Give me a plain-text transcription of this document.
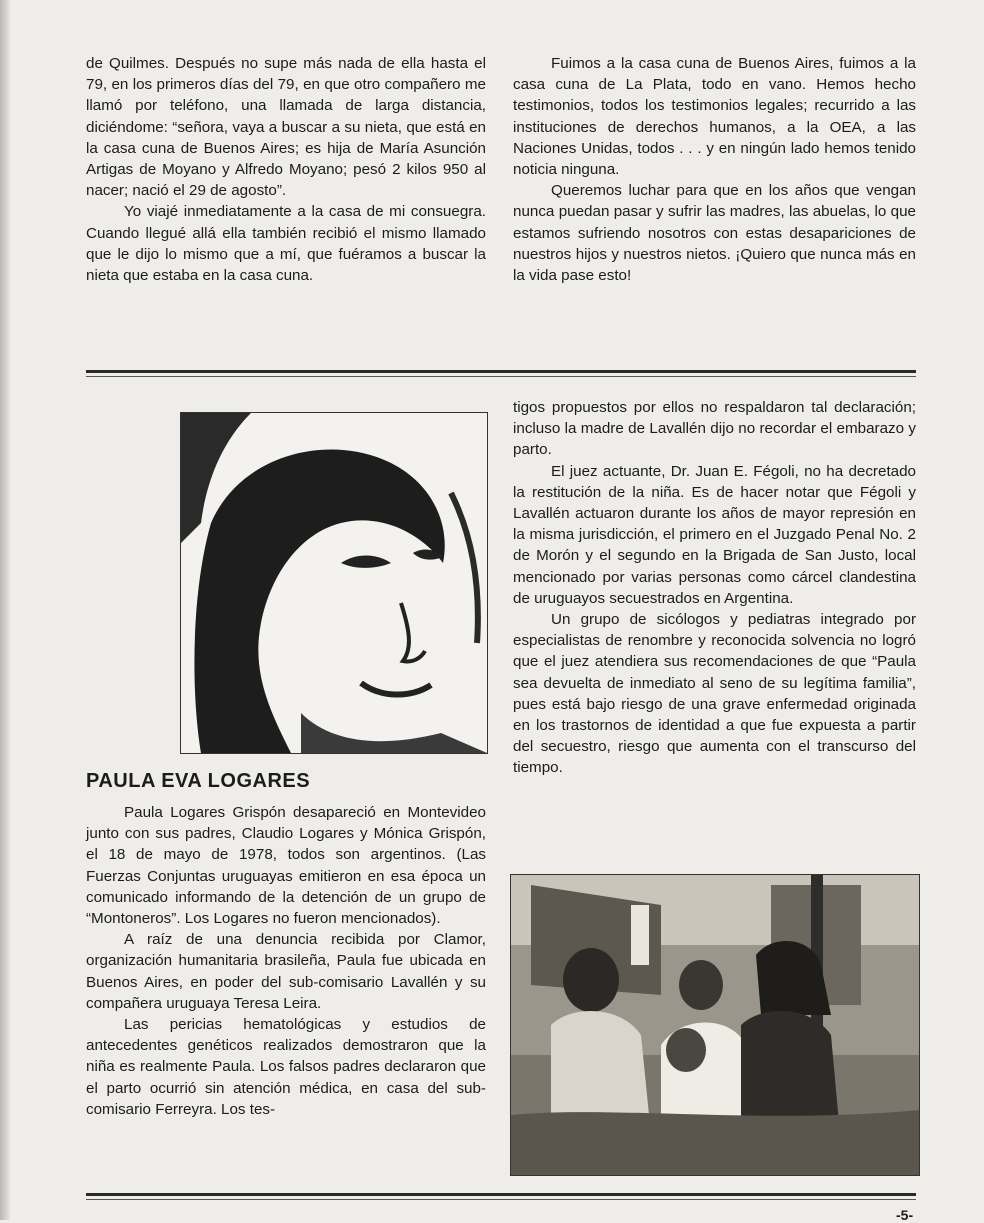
de Quilmes. Después no supe más nada de ella hasta el 79, en los primeros días del 79, en que otro compañero me llamó por teléfono, una llamada de larga distancia, diciéndome: “señora, vaya a buscar a su nieta, que está en la casa cuna de Buenos Aires; es hija de María Asunción Artigas de Moyano y Alfredo Moyano; pesó 2 kilos 950 al nacer; nació el 29 de agosto”.

Yo viajé inmediatamente a la casa de mi consuegra. Cuando llegué allá ella también recibió el mismo llamado que le dijo lo mismo que a mí, que fuéramos a buscar la nieta que estaba en la casa cuna.

Fuimos a la casa cuna de Buenos Aires, fuimos a la casa cuna de La Plata, todo en vano. Hemos hecho testimonios, todos los testimonios legales; recurrido a las instituciones de derechos humanos, a la OEA, a las Naciones Unidas, todos . . . y en ningún lado hemos tenido noticia ninguna.

Queremos luchar para que en los años que vengan nunca puedan pasar y sufrir las madres, las abuelas, lo que estamos sufriendo nosotros con estas desapariciones de nuestros hijos y nuestros nietos. ¡Quiero que nunca más en la vida pase esto!

PAULA EVA LOGARES

Paula Logares Grispón desapareció en Montevideo junto con sus padres, Claudio Logares y Mónica Grispón, el 18 de mayo de 1978, todos son argentinos. (Las Fuerzas Conjuntas uruguayas emitieron en esa época un comunicado informando de la detención de un grupo de “Montoneros”. Los Logares no fueron mencionados).

A raíz de una denuncia recibida por Clamor, organización humanitaria brasileña, Paula fue ubicada en Buenos Aires, en poder del sub-comisario Lavallén y su compañera uruguaya Teresa Leira.

Las pericias hematológicas y estudios de antecedentes genéticos realizados demostraron que la niña es realmente Paula. Los falsos padres declararon que el parto ocurrió sin atención médica, en casa del sub-comisario Ferreyra. Los tes-

tigos propuestos por ellos no respaldaron tal declaración; incluso la madre de Lavallén dijo no recordar el embarazo y parto.

El juez actuante, Dr. Juan E. Fégoli, no ha decretado la restitución de la niña. Es de hacer notar que Fégoli y Lavallén actuaron durante los años de mayor represión en la misma jurisdicción, el primero en el Juzgado Penal No. 2 de Morón y el segundo en la Brigada de San Justo, local mencionado por varias personas como cárcel clandestina de uruguayos secuestrados en Argentina.

Un grupo de sicólogos y pediatras integrado por especialistas de renombre y reconocida solvencia no logró que el juez atendiera sus recomendaciones de que “Paula sea devuelta de inmediato al seno de su legítima familia”, pues está bajo riesgo de una grave enfermedad originada en los trastornos de identidad a que fue expuesta a partir del secuestro, riesgo que aumenta con el transcurso del tiempo.

-5-
